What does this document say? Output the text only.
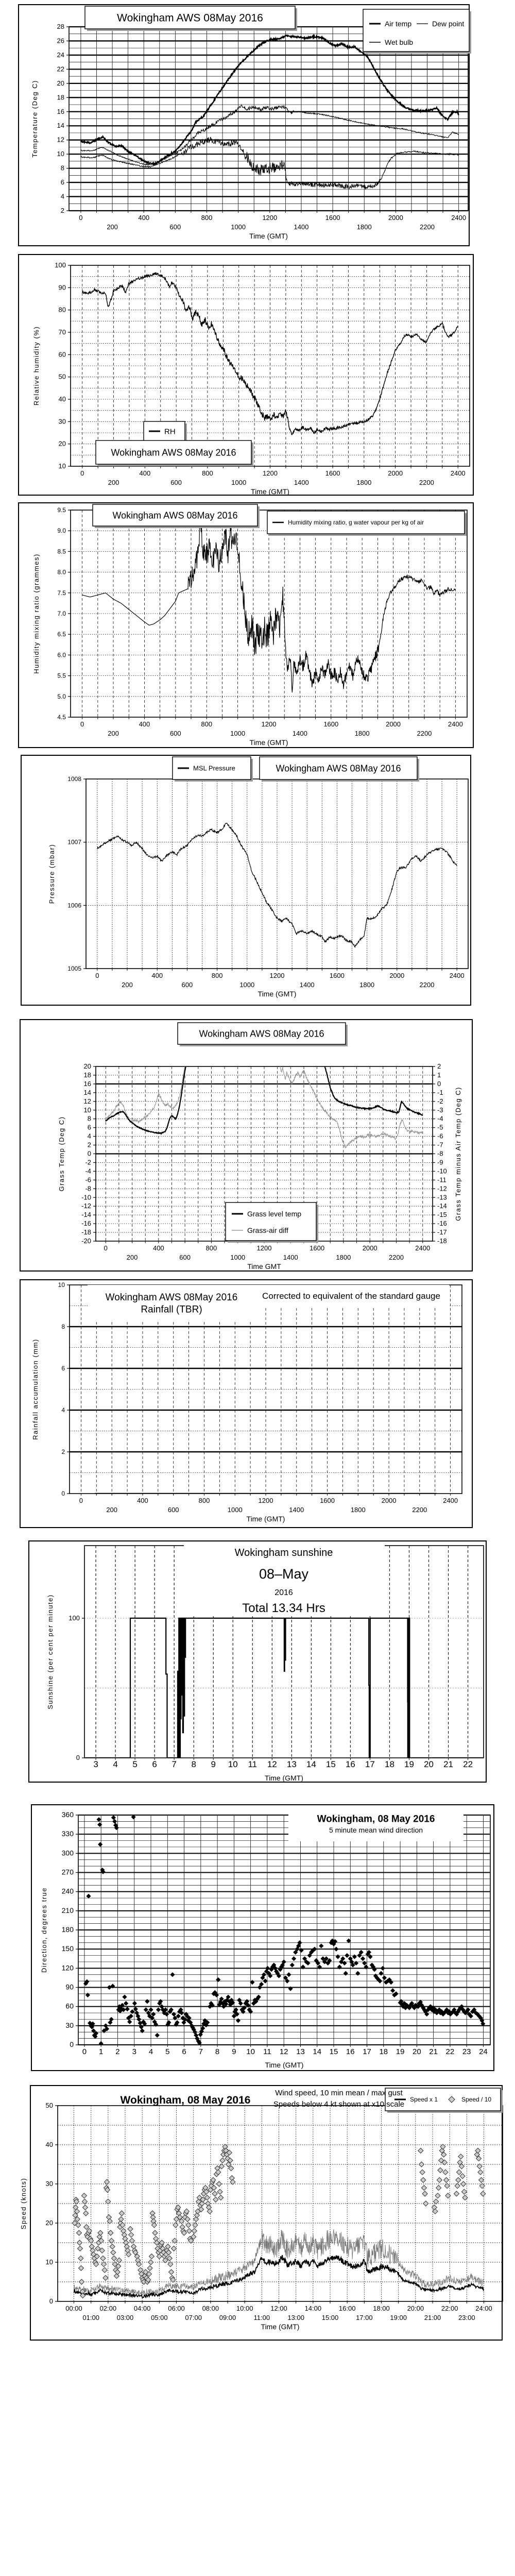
2
4
6
8
10
12
14
16
18
20
22
24
26
28
0
200
400
600
800
1000
1200
1400
1600
1800
2000
2200
2400
Time (GMT)
Temperature (Deg C)
Wokingham AWS 08May 2016	Air temp	Dew point
Wet bulb
10
20
30
40
50
60
70
80
90
100
0
200
400
600
800
1000
1200
1400
1600
1800
2000
2200
2400
Time (GMT)
Relative humidity (%)
RH
Wokingham AWS 08May 2016
4.5
5.0
5.5
6.0
6.5
7.0
7.5
8.0
8.5
9.0
9.5
0
200
400
600
800
1000
1200
1400
1600
1800
2000
2200
2400
Time (GMT)
Humidity mixing ratio (grammes)
Wokingham AWS 08May 2016
Humidity mixing ratio, g water vapour per kg of air
1005
1006
1007
1008
0
200
400
600
800
1000
1200
1400
1600
1800
2000
2200
2400
Time (GMT)
Pressure (mbar)
MSL Pressure	Wokingham AWS 08May 2016
-20
-18
-16
-14
-12
-10
-8
-6
-4
-2
0
2
4
6
8
10
12
14
16
18
20
-18
-17
-16
-15
-14
-13
-12
-11
-10
-9
-8
-7
-6
-5
-4
-3
-2
-1
0
1
2
Grass Temp minus Air Temp (Deg C)
0
200
400
600
800
1000
1200
1400
1600
1800
2000
2200
2400
Time GMT
Grass Temp (Deg C)
Wokingham AWS 08May 2016
Grass level temp
Grass-air diff
0
2
4
6
8
10
0
200
400
600
800
1000
1200
1400
1600
1800
2000
2200
2400
Time (GMT)
Rainfall accumulation (mm)
Wokingham AWS 08May 2016
Rainfall (TBR)
Corrected to equivalent of the standard gauge
100
0
3 4 5 6 7 8 9 10 11 12 13 14 15 16 17 18 19 20 21 22
Time (GMT)
Sunshine (per cent per minute)
Wokingham sunshine
08–May
2016
Total 13.34 Hrs
0
30
60
90
120
150
180
210
240
270
300
330
360
0 1 2 3 4 5 6 7 8 9 10 11 12 13 14 15 16 17 18 19 20 21 22 23 24
Time (GMT)
Direction, degrees true
Wokingham, 08 May 2016
5 minute mean wind direction
0
10
20
30
40
50
00:00
01:00
02:00
03:00
04:00
05:00
06:00
07:00
08:00
09:00
10:00
11:00
12:00
13:00
14:00
15:00
16:00
17:00
18:00
19:00
20:00
21:00
22:00
23:00
24:00
Time (GMT)
Speed (knots)
Speed x 1	Speed / 10
Wokingham, 08 May 2016
Wind speed, 10 min mean / max gust
Speeds below 4 kt shown at x10 scale
